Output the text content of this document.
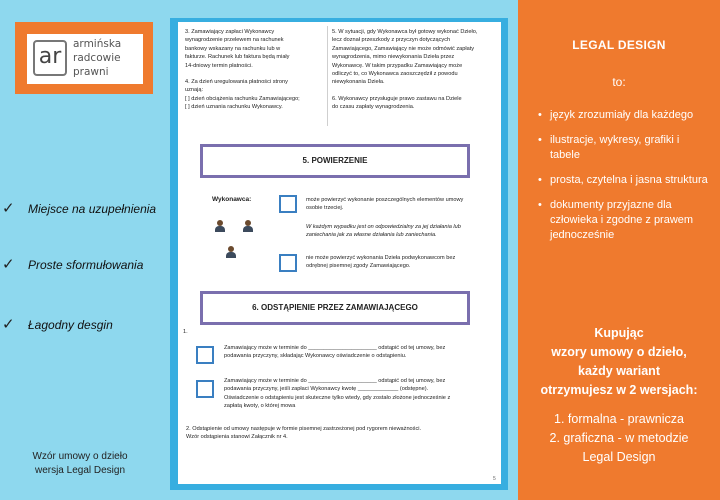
ar	armińska
radcowie
prawni
✓ Miejsce na uzupełnienia
✓ Proste sformułowania
✓ Łagodny desgin
Wzór umowy o dzieło
wersja Legal Design
3. Zamawiający zapłaci Wykonawcy
wynagrodzenie przelewem na rachunek
bankowy wskazany na rachunku lub w
fakturze. Rachunek lub faktura będą miały
14-dniowy termin płatności.
4. Za dzień uregulowania płatności strony
uznają:
[ ] dzień obciążenia rachunku Zamawiającego;
[ ] dzień uznania rachunku Wykonawcy.
5. W sytuacji, gdy Wykonawca był gotowy wykonać Dzieło,
lecz doznał przeszkody z przyczyn dotyczących
Zamawiającego, Zamawiający nie może odmówić zapłaty
wynagrodzenia, mimo niewykonania Dzieła przez
Wykonawcę. W takim przypadku Zamawiający może
odliczyć to, co Wykonawca zaoszczędził z powodu
niewykonania Dzieła.
6. Wykonawcy przysługuje prawo zastawu na Dziele
do czasu zapłaty wynagrodzenia.
5. POWIERZENIE
Wykonawca:	może powierzyć wykonanie poszczególnych elementów umowy
osobie trzeciej.
W każdym wypadku jest on odpowiedzialny za jej działania lub
zaniechania jak za własne działania lub zaniechania.
nie może powierzyć wykonania Dzieła podwykonawcom bez
odrębnej pisemnej zgody Zamawiającego.
6. ODSTĄPIENIE PRZEZ ZAMAWIAJĄCEGO
1.
Zamawiający może w terminie do ______________________ odstąpić od tej umowy, bez
podawania przyczyny, składając Wykonawcy oświadczenie o odstąpieniu.
Zamawiający może w terminie do ______________________ odstąpić od tej umowy, bez
podawania przyczyny, jeśli zapłaci Wykonawcy kwotę _____________ (odstępne).
Oświadczenie o odstąpieniu jest skuteczne tylko wtedy, gdy zostało złożone jednocześnie z
zapłatą kwoty, o której mowa
2. Odstąpienie od umowy następuje w formie pisemnej zastrzeżonej pod rygorem nieważności.
Wzór odstąpienia stanowi Załącznik nr 4.
5
LEGAL DESIGN
to:
• język zrozumiały dla każdego
• ilustracje, wykresy, grafiki i tabele
• prosta, czytelna i jasna struktura
• dokumenty przyjazne dla człowieka i zgodne z prawem jednocześnie
Kupując
wzory umowy o dzieło,
każdy wariant
otrzymujesz w 2 wersjach:
1. formalna - prawnicza
2. graficzna - w metodzie
Legal Design
